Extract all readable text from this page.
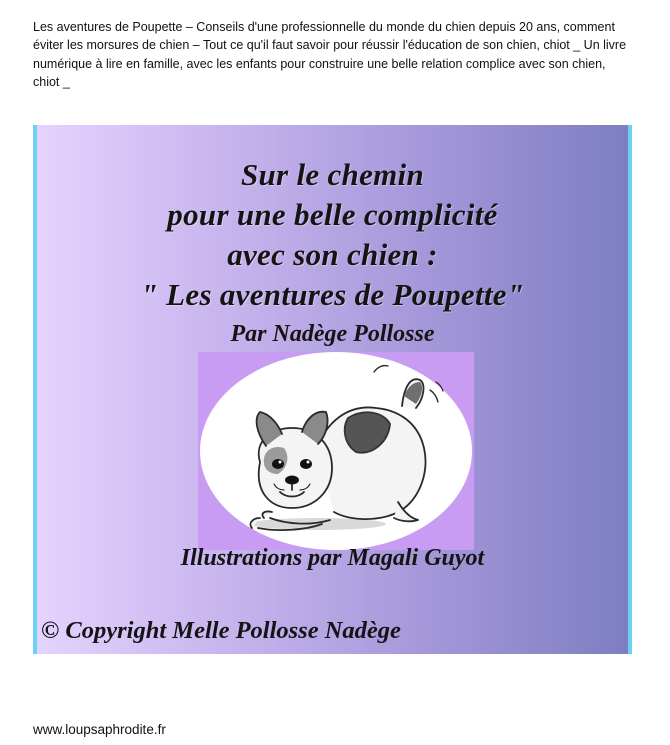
Les aventures de Poupette – Conseils d'une professionnelle du monde du chien depuis 20 ans, comment éviter les morsures de chien – Tout ce qu'il faut savoir pour réussir l'éducation de son chien, chiot _ Un livre numérique à lire en famille, avec les enfants pour construire une belle relation complice avec son chien, chiot _

Sur le chemin
pour une belle complicité
avec son chien :
" Les aventures de Poupette"
Par Nadège Pollosse
Illustrations par Magali Guyot
© Copyright Melle Pollosse Nadège

www.loupsaphrodite.fr
